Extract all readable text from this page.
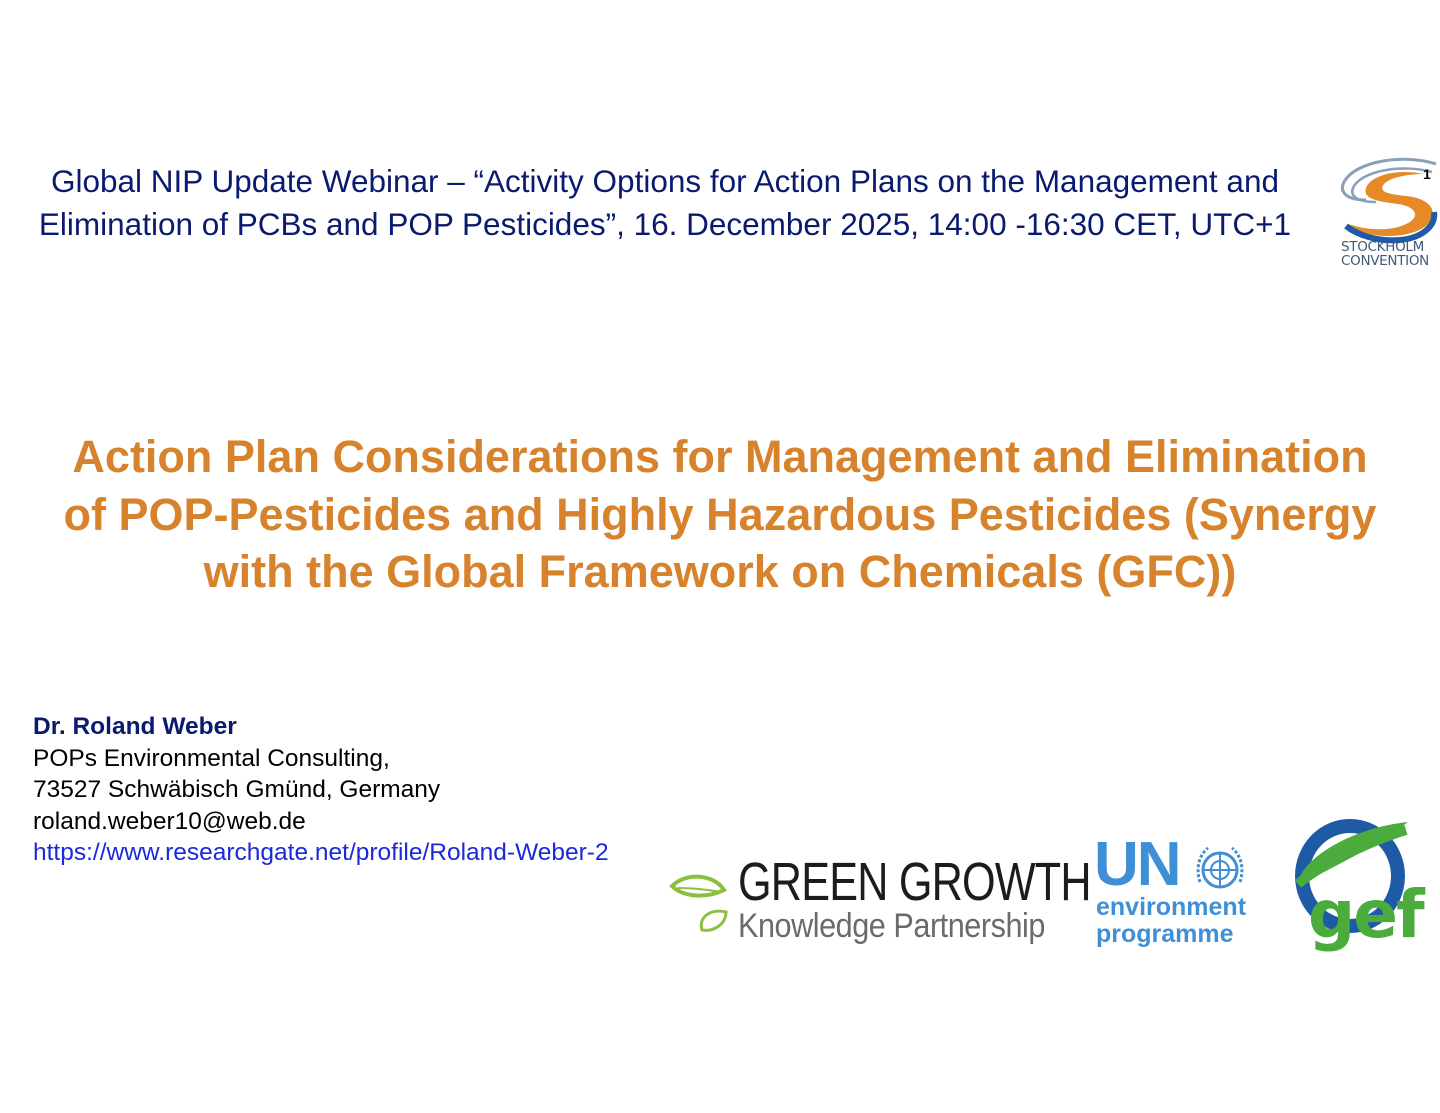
Global NIP Update Webinar – “Activity Options for Action Plans on the Management and
Elimination of PCBs and POP Pesticides”, 16. December 2025, 14:00 -16:30 CET, UTC+1
1
STOCKHOLM
CONVENTION
Action Plan Considerations for Management and Elimination
of POP-Pesticides and Highly Hazardous Pesticides (Synergy
with the Global Framework on Chemicals (GFC))
Dr. Roland Weber
POPs Environmental Consulting,
73527 Schwäbisch Gmünd, Germany
roland.weber10@web.de
https://www.researchgate.net/profile/Roland-Weber-2 GREEN GROWTH
Knowledge Partnership
UN
environment
programme gef
